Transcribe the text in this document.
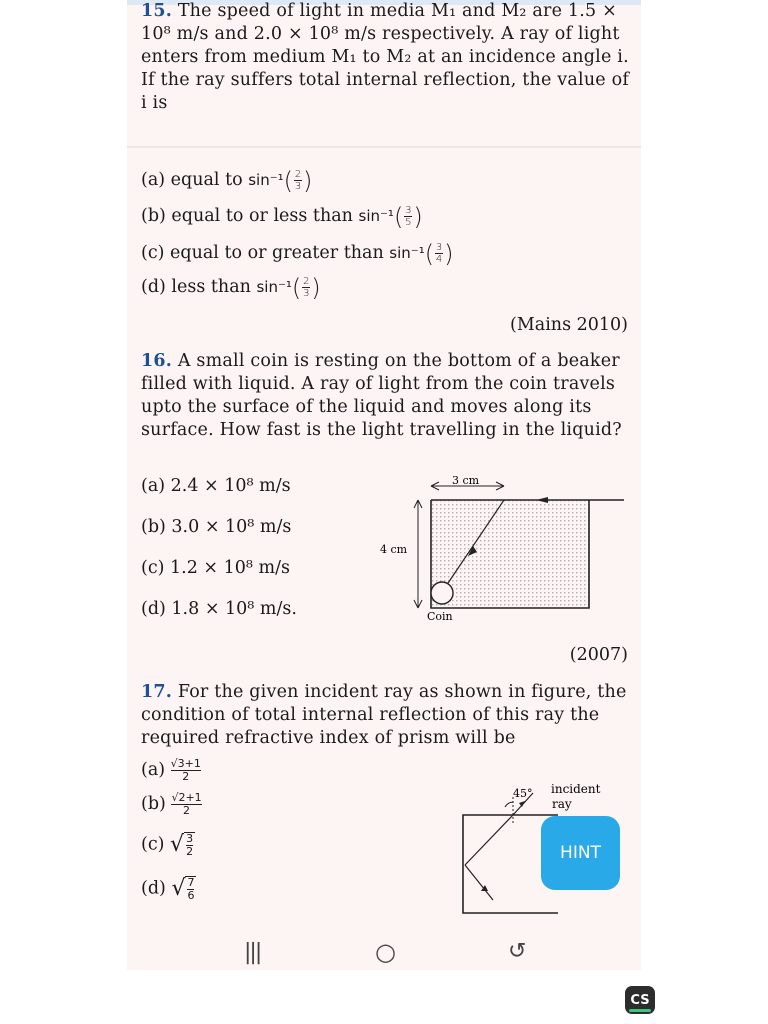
15. The speed of light in media M₁ and M₂ are 1.5 × 10⁸ m/s and 2.0 × 10⁸ m/s respectively. A ray of light enters from medium M₁ to M₂ at an incidence angle i. If the ray suffers total internal reflection, the value of i is
(a) equal to $\sin^{-1}( \frac{2}{3}$ )
(b) equal to or less than $\sin^{-1}( \frac{3}{5}$ )
(c) equal to or greater than $\sin^{-1}( \frac{3}{4}$ )
(d) less than $\sin^{-1}( \frac{2}{3}$ )
(Mains 2010)
16. A small coin is resting on the bottom of a beaker filled with liquid. A ray of light from the coin travels upto the surface of the liquid and moves along its surface. How fast is the light travelling in the liquid?
(a) 2.4 × 10⁸ m/s
(b) 3.0 × 10⁸ m/s
(c) 1.2 × 10⁸ m/s
(d) 1.8 × 10⁸ m/s.
3 cm
4 cm
Coin
(2007)
17. For the given incident ray as shown in figure, the condition of total internal reflection of this ray the required refractive index of prism will be
$(a) \frac{√3+1}{2}$
$(b) \frac{√2+1}{2}$
(c) √ 3
2
(d) √ 7
6
45° incident
ray
HINT
|||	○	↺
CS
